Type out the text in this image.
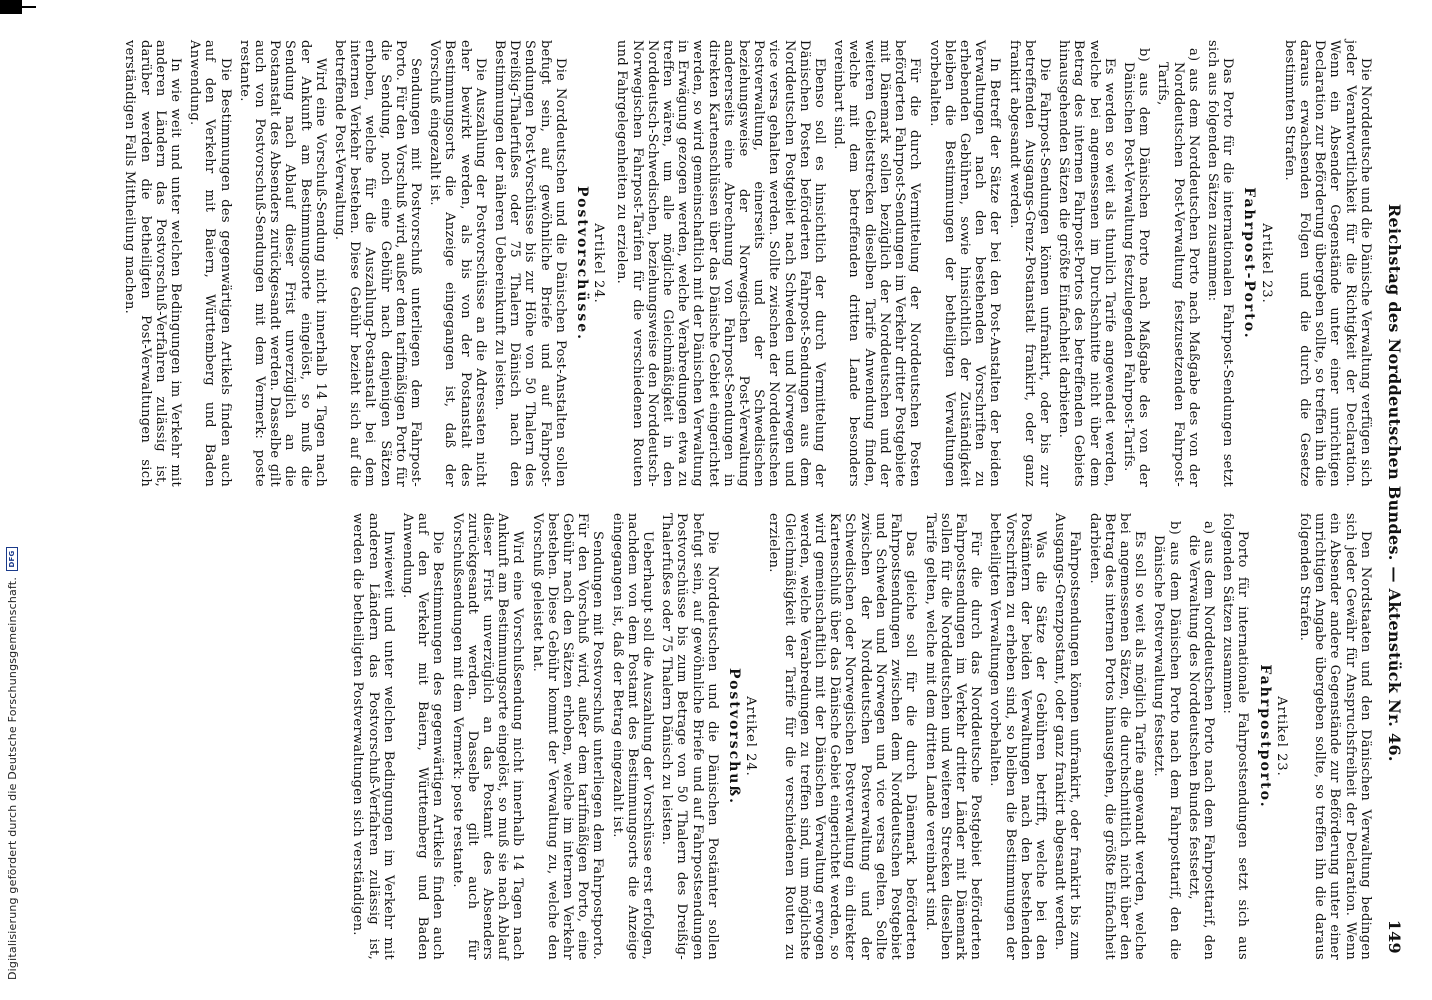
Digitalisierung gefördert durch die Deutsche Forschungsgemeinschaft.
DFG	Reichstag des Norddeutschen Bundes. — Aktenstück Nr. 46.
149

Die Norddeutsche und die Dänische Verwaltung verfügen sich jeder Verantwortlichkeit für die Richtigkeit der Declaration. Wenn ein Absender Gegenstände unter einer unrichtigen Declaration zur Beförderung übergeben sollte, so treffen ihn die daraus erwachsenden Folgen und die durch die Gesetze bestimmten Strafen.

Artikel 23.
Fahrpost-Porto.

Das Porto für die internationalen Fahrpost-Sendungen setzt sich aus folgenden Sätzen zusammen:

a) aus dem Norddeutschen Porto nach Maßgabe des von der Norddeutschen Post-Verwaltung festzusetzenden Fahrpost-Tarifs,

b) aus dem Dänischen Porto nach Maßgabe des von der Dänischen Post-Verwaltung festzulegenden Fahrpost-Tarifs.

Es werden so weit als thunlich Tarife angewendet werden, welche bei angemessenen im Durchschnitte nicht über dem Betrag des internen Fahrpost-Portos des betreffenden Gebiets hinausgehenden Sätzen die größte Einfachheit darbieten.

Die Fahrpost-Sendungen können unfrankirt, oder bis zur betreffenden Ausgangs-Grenz-Postanstalt frankirt, oder ganz frankirt abgesandt werden.

In Betreff der Sätze der bei den Post-Anstalten der beiden Verwaltungen nach den bestehenden Vorschriften zu erhebenden Gebühren, sowie hinsichtlich der Zuständigkeit bleiben die Bestimmungen der betheiligten Verwaltungen vorbehalten.

Für die durch Vermittelung der Norddeutschen Posten beförderten Fahrpost-Sendungen im Verkehr dritter Postgebiete mit Dänemark sollen bezüglich der Norddeutschen und der weiteren Gebietstrecken dieselben Tarife Anwendung finden, welche mit dem betreffenden dritten Lande besonders vereinbart sind.

Ebenso soll es hinsichtlich der durch Vermittelung der Dänischen Posten beförderten Fahrpost-Sendungen aus dem Norddeutschen Postgebiet nach Schweden und Norwegen und vice versa gehalten werden. Sollte zwischen der Norddeutschen Postverwaltung, einerseits und der Schwedischen beziehungsweise der Norwegischen Post-Verwaltung andererseits eine Abrechnung von Fahrpost-Sendungen in direkten Kartenschlüssen über das Dänische Gebiet eingerichtet werden, so wird gemeinschaftlich mit der Dänischen Verwaltung in Erwägung gezogen werden, welche Verabredungen etwa zu treffen wären, um alle mögliche Gleichmäßigkeit in den Norddeutsch-Schwedischen, beziehungsweise den Norddeutsch-Norwegischen Fahrpost-Tarifen für die verschiedenen Routen und Fahrgelegenheiten zu erzielen.

Artikel 24.
Postvorschüsse.

Die Norddeutschen und die Dänischen Post-Anstalten sollen befugt sein, auf gewöhnliche Briefe und auf Fahrpost-Sendungen Post-Vorschüsse bis zur Höhe von 50 Thalern des Dreißig-Thalerfußes oder 75 Thalern Dänisch nach den Bestimmungen der näheren Uebereinkunft zu leisten.

Die Auszahlung der Postvorschüsse an die Adressaten nicht eher bewirkt werden, als bis von der Postanstalt des Bestimmungsorts die Anzeige eingegangen ist, daß der Vorschuß eingezahlt ist.

Sendungen mit Postvorschuß unterliegen dem Fahrpost-Porto. Für den Vorschuß wird, außer dem tarifmäßigen Porto für die Sendung, noch eine Gebühr nach denjenigen Sätzen erhoben, welche für die Auszahlung-Postanstalt bei dem internen Verkehr bestehen. Diese Gebühr bezieht sich auf die betreffende Post-Verwaltung.

Wird eine Vorschuß-Sendung nicht innerhalb 14 Tagen nach der Ankunft am Bestimmungsorte eingelöst, so muß die Sendung nach Ablauf dieser Frist unverzüglich an die Postanstalt des Absenders zurückgesandt werden. Dasselbe gilt auch von Postvorschuß-Sendungen mit dem Vermerk: poste restante.

Die Bestimmungen des gegenwärtigen Artikels finden auch auf den Verkehr mit Baiern, Württemberg und Baden Anwendung.

In wie weit und unter welchen Bedingungen im Verkehr mit anderen Ländern das Postvorschuß-Verfahren zulässig ist, darüber werden die betheiligten Post-Verwaltungen sich verständigen Falls Mittheilung machen.

Den Nordstaaten und den Dänischen Verwaltung bedingen sich jeder Gewähr für Anspruchsfreiheit der Declaration. Wenn ein Absender andere Gegenstände zur Beförderung unter einer unrichtigen Angabe übergeben sollte, so treffen ihn die daraus folgenden Strafen.

Artikel 23.
Fahrpostporto.

Porto für internationale Fahrpostsendungen setzt sich aus folgenden Sätzen zusammen:

a) aus dem Norddeutschen Porto nach dem Fahrposttarif, den die Verwaltung des Norddeutschen Bundes festsetzt,

b) aus dem Dänischen Porto nach dem Fahrposttarif, den die Dänische Postverwaltung festsetzt.

Es soll so weit als möglich Tarife angewandt werden, welche bei angemessenen Sätzen, die durchschnittlich nicht über den Betrag des internen Portos hinausgehen, die größte Einfachheit darbieten.

Fahrpostsendungen können unfrankirt, oder frankirt bis zum Ausgangs-Grenzpostamt, oder ganz frankirt abgesandt werden.

Was die Sätze der Gebühren betrifft, welche bei den Postämtern der beiden Verwaltungen nach den bestehenden Vorschriften zu erheben sind, so bleiben die Bestimmungen der betheiligten Verwaltungen vorbehalten.

Für die durch das Norddeutsche Postgebiet beförderten Fahrpostsendungen im Verkehr dritter Länder mit Dänemark sollen für die Norddeutschen und weiteren Strecken dieselben Tarife gelten, welche mit dem dritten Lande vereinbart sind.

Das gleiche soll für die durch Dänemark beförderten Fahrpostsendungen zwischen dem Norddeutschen Postgebiet und Schweden und Norwegen und vice versa gelten. Sollte zwischen der Norddeutschen Postverwaltung und der Schwedischen oder Norwegischen Postverwaltung ein direkter Kartenschluß über das Dänische Gebiet eingerichtet werden, so wird gemeinschaftlich mit der Dänischen Verwaltung erwogen werden, welche Verabredungen zu treffen sind, um möglichste Gleichmäßigkeit der Tarife für die verschiedenen Routen zu erzielen.

Artikel 24.
Postvorschuß.

Die Norddeutschen und die Dänischen Postämter sollen befugt sein, auf gewöhnliche Briefe und auf Fahrpostsendungen Postvorschüsse bis zum Betrage von 50 Thalern des Dreißig-Thalerfußes oder 75 Thalern Dänisch zu leisten.

Ueberhaupt soll die Auszahlung der Vorschüsse erst erfolgen, nachdem von dem Postamt des Bestimmungsorts die Anzeige eingegangen ist, daß der Betrag eingezahlt ist.

Sendungen mit Postvorschuß unterliegen dem Fahrpostporto. Für den Vorschuß wird, außer dem tarifmäßigen Porto, eine Gebühr nach den Sätzen erhoben, welche im internen Verkehr bestehen. Diese Gebühr kommt der Verwaltung zu, welche den Vorschuß geleistet hat.

Wird eine Vorschußsendung nicht innerhalb 14 Tagen nach Ankunft am Bestimmungsorte eingelöst, so muß sie nach Ablauf dieser Frist unverzüglich an das Postamt des Absenders zurückgesandt werden. Dasselbe gilt auch für Vorschußsendungen mit dem Vermerk: poste restante.

Die Bestimmungen des gegenwärtigen Artikels finden auch auf den Verkehr mit Baiern, Württemberg und Baden Anwendung.

Inwieweit und unter welchen Bedingungen im Verkehr mit anderen Ländern das Postvorschuß-Verfahren zulässig ist, werden die betheiligten Postverwaltungen sich verständigen.
